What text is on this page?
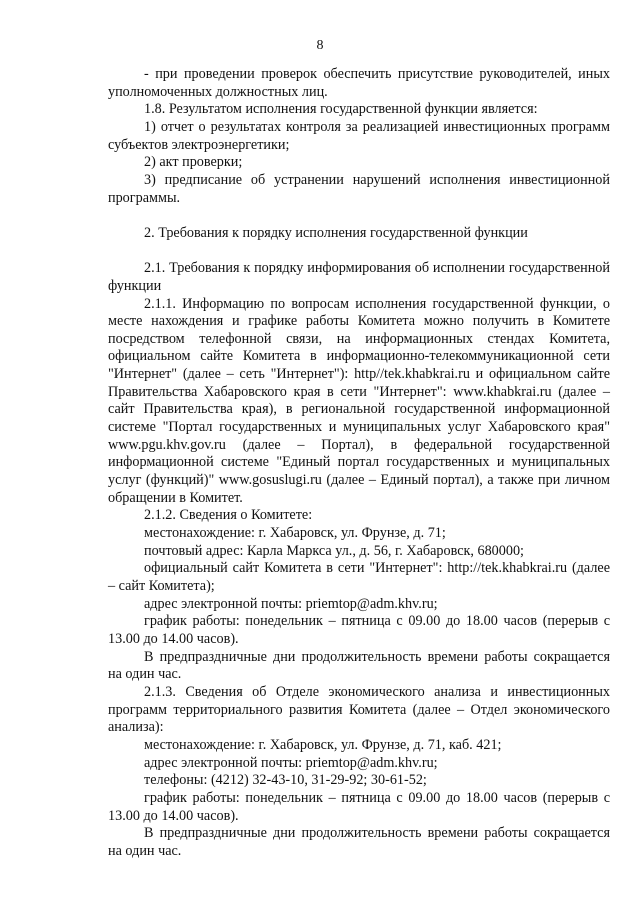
8

- при проведении проверок обеспечить присутствие руководителей, иных уполномоченных должностных лиц.

1.8. Результатом исполнения государственной функции является:

1) отчет о результатах контроля за реализацией инвестиционных программ субъектов электроэнергетики;

2) акт проверки;

3) предписание об устранении нарушений исполнения инвестиционной программы.

2. Требования к порядку исполнения государственной функции

2.1. Требования к порядку информирования об исполнении государственной функции

2.1.1. Информацию по вопросам исполнения государственной функции, о месте нахождения и графике работы Комитета можно получить в Комитете посредством телефонной связи, на информационных стендах Комитета, официальном сайте Комитета в информационно-телекоммуникационной сети "Интернет" (далее – сеть "Интернет"): http//tek.khabkrai.ru и официальном сайте Правительства Хабаровского края в сети "Интернет": www.khabkrai.ru (далее – сайт Правительства края), в региональной государственной информационной системе "Портал государственных и муниципальных услуг Хабаровского края" www.pgu.khv.gov.ru (далее – Портал), в федеральной государственной информационной системе "Единый портал государственных и муниципальных услуг (функций)" www.gosuslugi.ru (далее – Единый портал), а также при личном обращении в Комитет.

2.1.2. Сведения о Комитете:

местонахождение: г. Хабаровск, ул. Фрунзе, д. 71;

почтовый адрес: Карла Маркса ул., д. 56, г. Хабаровск, 680000;

официальный сайт Комитета в сети "Интернет": http://tek.khabkrai.ru (далее – сайт Комитета);

адрес электронной почты: priemtop@adm.khv.ru;

график работы: понедельник – пятница с 09.00 до 18.00 часов (перерыв с 13.00 до 14.00 часов).

В предпраздничные дни продолжительность времени работы сокращается на один час.

2.1.3. Сведения об Отделе экономического анализа и инвестиционных программ территориального развития Комитета (далее – Отдел экономического анализа):

местонахождение: г. Хабаровск, ул. Фрунзе, д. 71, каб. 421;

адрес электронной почты: priemtop@adm.khv.ru;

телефоны: (4212) 32-43-10, 31-29-92; 30-61-52;

график работы: понедельник – пятница с 09.00 до 18.00 часов (перерыв с 13.00 до 14.00 часов).

В предпраздничные дни продолжительность времени работы сокращается на один час.
